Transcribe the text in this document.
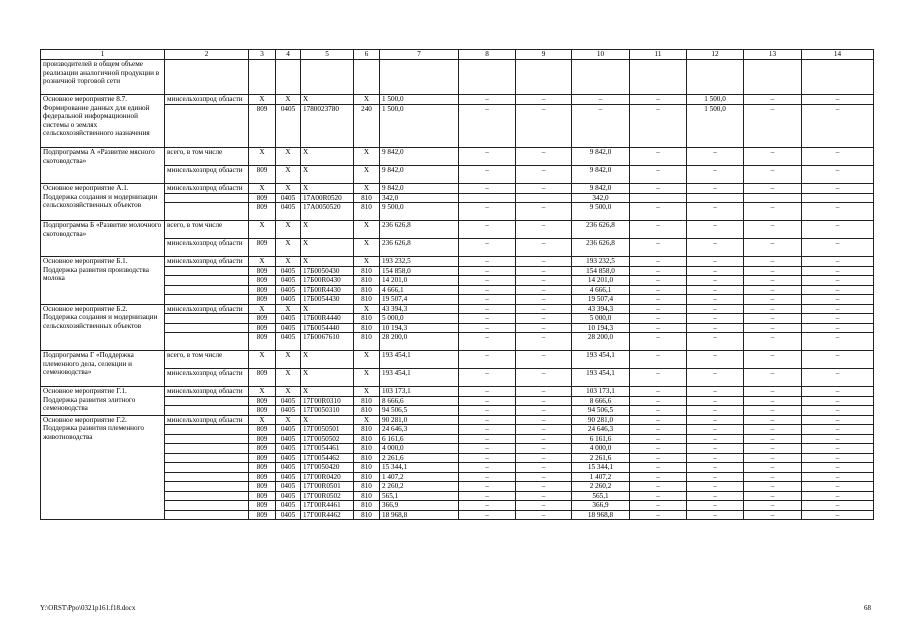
1	2	3	4	5	6	7	8	9	10	11	12	13	14
производителей в общем объеме реализации аналогичной продукции в розничной торговой сети													
Основное мероприятие 8.7. Формирование данных для единой федеральной информационной системы о землях сельскохозяйственного назначения	минсельхозпрод области	Х	Х	Х	Х	1 500,0	–	–	–	–	1 500,0	–	–
		809	0405	1780023780	240	1 500,0	–	–	–	–	1 500,0	–	–
Подпрограмма А «Развитие мясного скотоводства»	всего, в том числе	Х	Х	Х	Х	9 842,0	–	–	9 842,0	–	–	–	–
	минсельхозпрод области	809	Х	Х	Х	9 842,0	–	–	9 842,0	–	–	–	–
Основное мероприятие А.1. Поддержка создания и модернизации сельскохозяйственных объектов	минсельхозпрод области	Х	Х	Х	Х	9 842,0	–	–	9 842,0	–	–	–	–
		809	0405	17А00R0520	810	342,0			342,0				
		809	0405	17А0050520	810	9 500,0	–	–	9 500,0	–	–	–	–
Подпрограмма Б «Развитие молочного скотоводства»	всего, в том числе	Х	Х	Х	Х	236 626,8	–	–	236 626,8	–	–	–	–
	минсельхозпрод области	809	Х	Х	Х	236 626,8	–	–	236 626,8	–	–	–	–
Основное мероприятие Б.1. Поддержка развития производства молока	минсельхозпрод области	Х	Х	Х	Х	193 232,5	–	–	193 232,5	–	–	–	–
		809	0405	17Б0050430	810	154 858,0	–	–	154 858,0	–	–	–	–
		809	0405	17Б00R0430	810	14 201,0	–	–	14 201,0	–	–	–	–
		809	0405	17Б00R4430	810	4 666,1	–	–	4 666,1	–	–	–	–
		809	0405	17Б0054430	810	19 507,4	–	–	19 507,4	–	–	–	–
Основное мероприятие Б.2. Поддержка создания и модернизации сельскохозяйственных объектов	минсельхозпрод области	Х	Х	Х	Х	43 394,3	–	–	43 394,3	–	–	–	–
		809	0405	17Б00R4440	810	5 000,0	–	–	5 000,0	–	–	–	–
		809	0405	17Б0054440	810	10 194,3	–	–	10 194,3	–	–	–	–
		809	0405	17Б0067610	810	28 200,0	–	–	28 200,0	–	–	–	–
Подпрограмма Г «Поддержка племенного дела, селекции и семеноводства»	всего, в том числе	Х	Х	Х	Х	193 454,1	–	–	193 454,1	–	–	–	–
	минсельхозпрод области	809	Х	Х	Х	193 454,1	–	–	193 454,1	–	–	–	–
Основное мероприятие Г.1. Поддержка развития элитного семеноводства	минсельхозпрод области	Х	Х	Х	Х	103 173,1	–	–	103 173,1	–	–	–	–
		809	0405	17Г00R0310	810	8 666,6	–	–	8 666,6	–	–	–	–
		809	0405	17Г0050310	810	94 506,5	–	–	94 506,5	–	–	–	–
Основное мероприятие Г.2. Поддержка развития племенного животноводства	минсельхозпрод области	Х	Х	Х	Х	90 281,0	–	–	90 281,0	–	–	–	–
		809	0405	17Г0050501	810	24 646,3	–	–	24 646,3	–	–	–	–
		809	0405	17Г0050502	810	6 161,6	–	–	6 161,6	–	–	–	–
		809	0405	17Г0054461	810	4 000,0	–	–	4 000,0	–	–	–	–
		809	0405	17Г0054462	810	2 261,6	–	–	2 261,6	–	–	–	–
		809	0405	17Г0050420	810	15 344,1	–	–	15 344,1	–	–	–	–
		809	0405	17Г00R0420	810	1 407,2	–	–	1 407,2	–	–	–	–
		809	0405	17Г00R0501	810	2 260,2	–	–	2 260,2	–	–	–	–
		809	0405	17Г00R0502	810	565,1	–	–	565,1	–	–	–	–
		809	0405	17Г00R4461	810	366,9	–	–	366,9	–	–	–	–
		809	0405	17Г00R4462	810	18 968,8	–	–	18 968,8	–	–	–	–
Y:\ORST\Ppo\0321p161.f18.docx	68
